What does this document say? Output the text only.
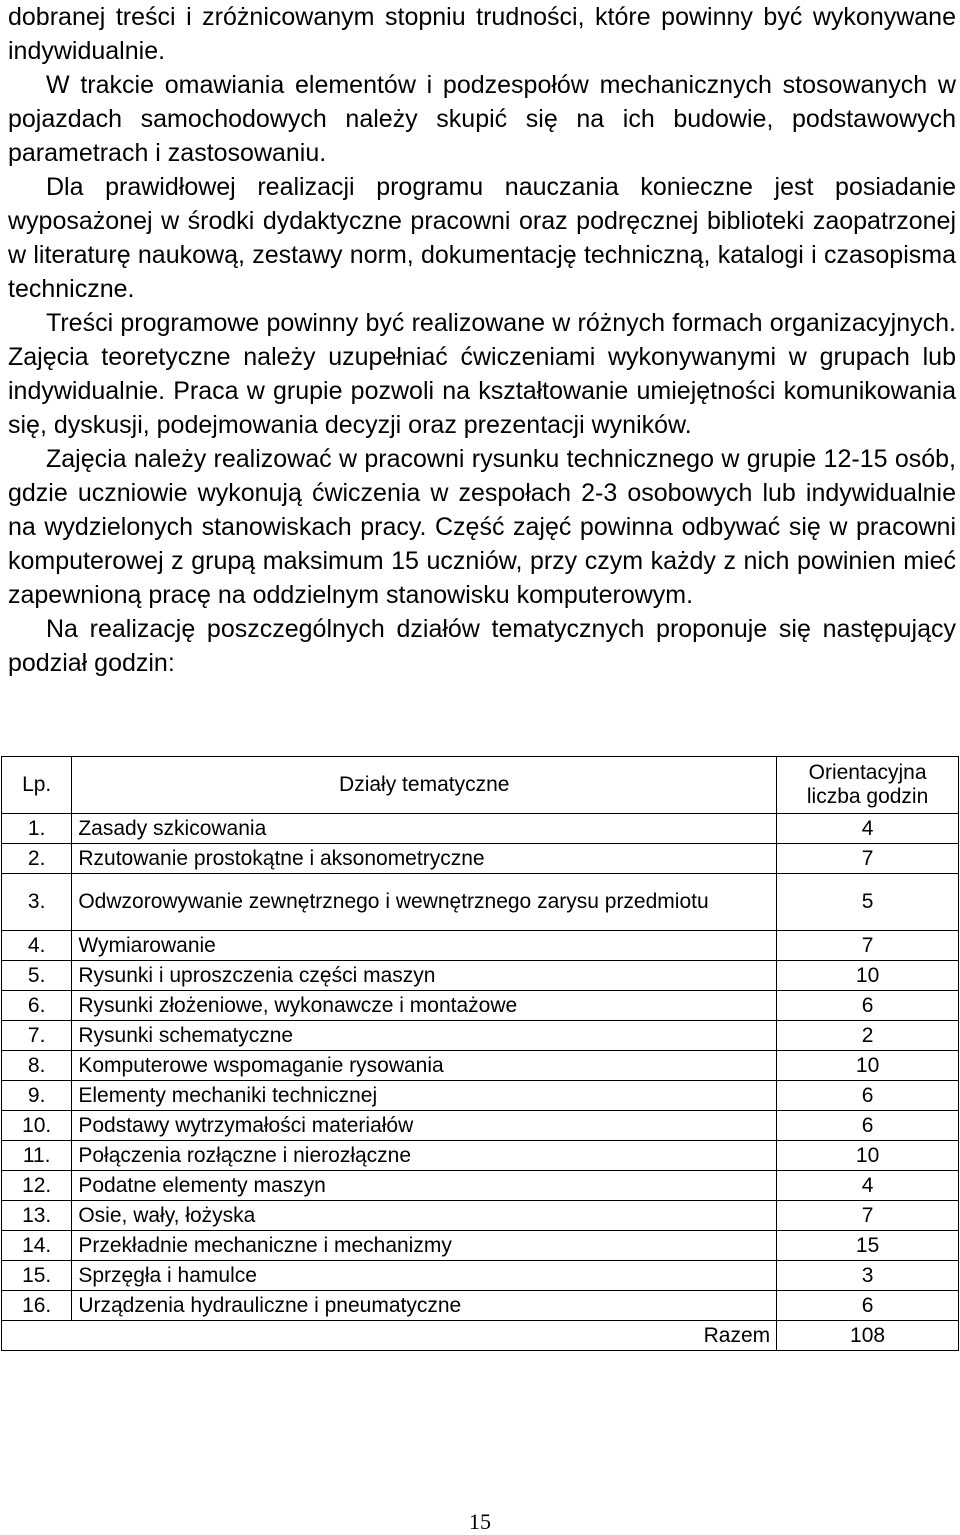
dobranej treści i zróżnicowanym stopniu trudności, które powinny być wykonywane indywidualnie.

W trakcie omawiania elementów i podzespołów mechanicznych stosowanych w pojazdach samochodowych należy skupić się na ich budowie, podstawowych parametrach i zastosowaniu.

Dla prawidłowej realizacji programu nauczania konieczne jest posiadanie wyposażonej w środki dydaktyczne pracowni oraz podręcznej biblioteki zaopatrzonej w literaturę naukową, zestawy norm, dokumentację techniczną, katalogi i czasopisma techniczne.

Treści programowe powinny być realizowane w różnych formach organizacyjnych. Zajęcia teoretyczne należy uzupełniać ćwiczeniami wykonywanymi w grupach lub indywidualnie. Praca w grupie pozwoli na kształtowanie umiejętności komunikowania się, dyskusji, podejmowania decyzji oraz prezentacji wyników.

Zajęcia należy realizować w pracowni rysunku technicznego w grupie 12-15 osób, gdzie uczniowie wykonują ćwiczenia w zespołach 2-3 osobowych lub indywidualnie na wydzielonych stanowiskach pracy. Część zajęć powinna odbywać się w pracowni komputerowej z grupą maksimum 15 uczniów, przy czym każdy z nich powinien mieć zapewnioną pracę na oddzielnym stanowisku komputerowym.

Na realizację poszczególnych działów tematycznych proponuje się następujący podział godzin:

Lp.	Działy tematyczne	Orientacyjna liczba godzin
1.	Zasady szkicowania	4
2.	Rzutowanie prostokątne i aksonometryczne	7
3.	Odwzorowywanie zewnętrznego i wewnętrznego zarysu przedmiotu	5
4.	Wymiarowanie	7
5.	Rysunki i uproszczenia części maszyn	10
6.	Rysunki złożeniowe, wykonawcze i montażowe	6
7.	Rysunki schematyczne	2
8.	Komputerowe wspomaganie rysowania	10
9.	Elementy mechaniki technicznej	6
10.	Podstawy wytrzymałości materiałów	6
11.	Połączenia rozłączne i nierozłączne	10
12.	Podatne elementy maszyn	4
13.	Osie, wały, łożyska	7
14.	Przekładnie mechaniczne i mechanizmy	15
15.	Sprzęgła i hamulce	3
16.	Urządzenia hydrauliczne i pneumatyczne	6
	Razem	108
15
